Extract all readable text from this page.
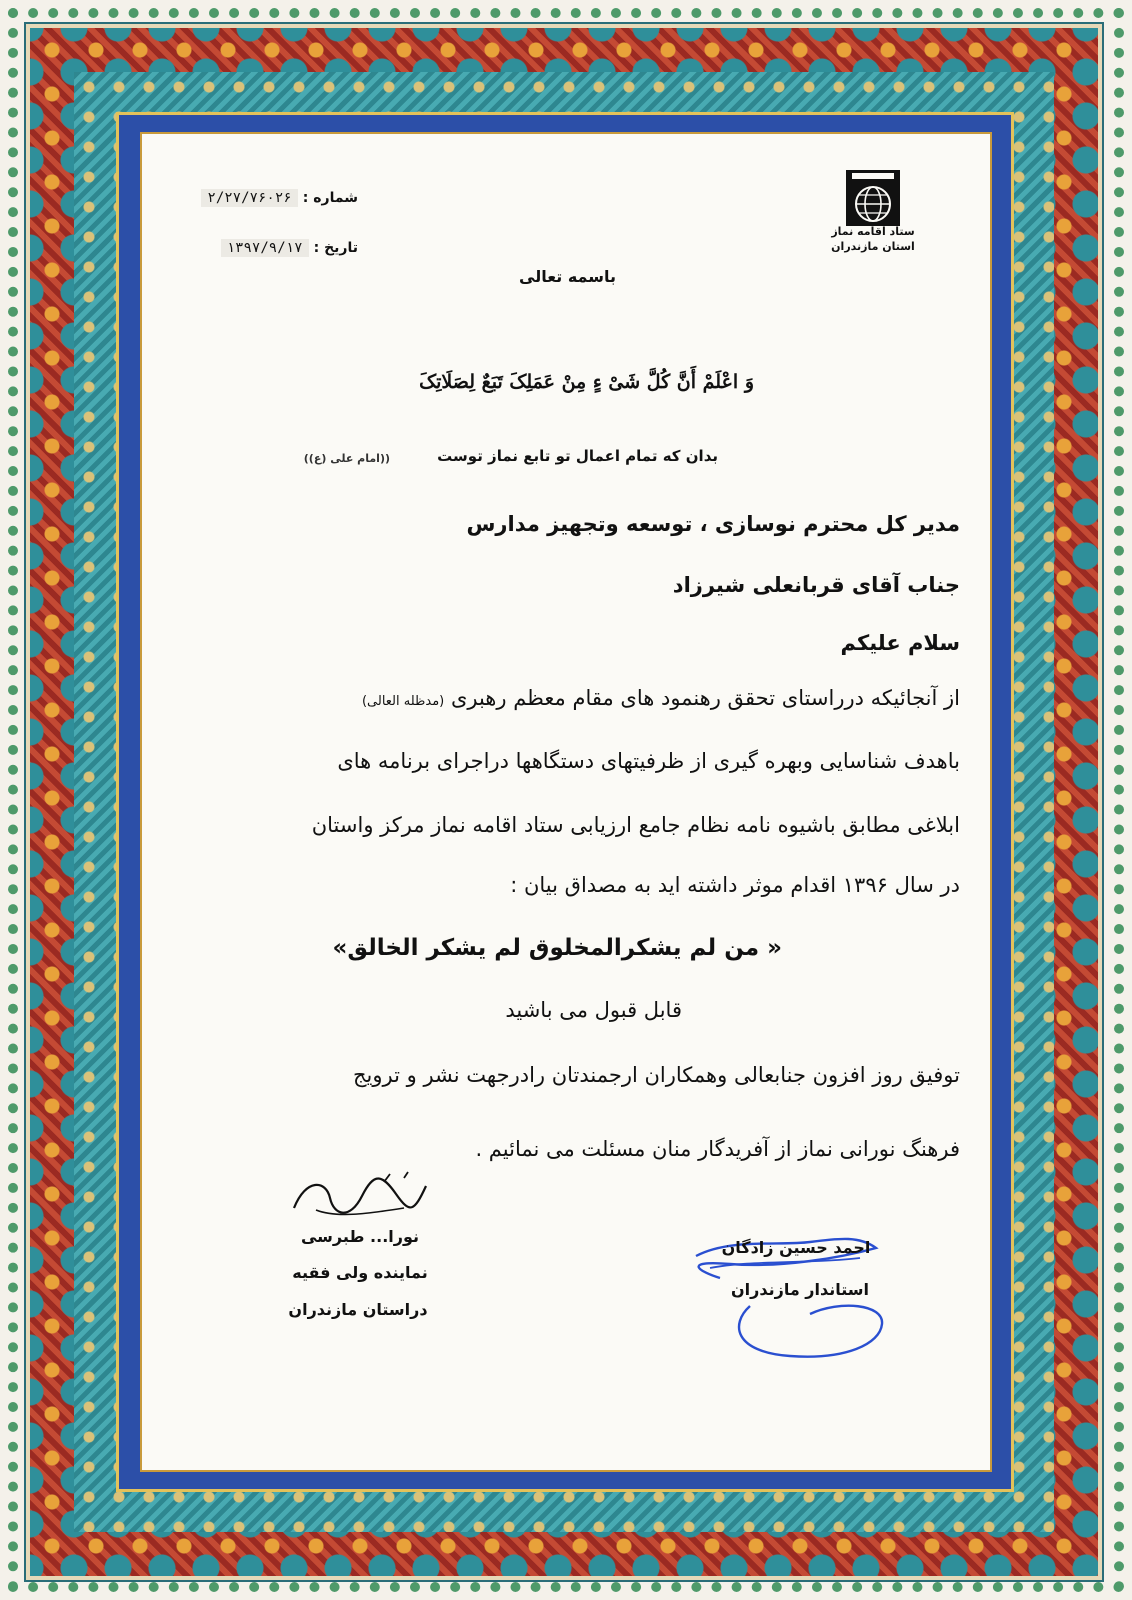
ستاد اقامه نماز
استان مازندران
شماره : ۲/۲۷/۷۶۰۲۶
تاریخ : ۱۳۹۷/۹/۱۷
باسمه تعالی
وَ اعْلَمْ أَنَّ كُلَّ شَیْ ءٍ مِنْ عَمَلِکَ تَبَعٌ لِصَلَاتِکَ
بدان که تمام اعمال تو تابع نماز توست
((امام علی (ع))
مدیر کل محترم نوسازی ، توسعه وتجهیز مدارس
جناب آقای قربانعلی شیرزاد
سلام علیکم
از آنجائیکه درراستای تحقق رهنمود های مقام معظم رهبری (مدظله العالی)
باهدف شناسایی وبهره گیری از ظرفیتهای دستگاهها دراجرای برنامه های
ابلاغی مطابق باشیوه نامه نظام جامع ارزیابی ستاد اقامه نماز مرکز واستان
در سال ۱۳۹۶ اقدام موثر داشته اید به مصداق بیان :
« من لم یشکرالمخلوق لم یشکر الخالق»
قابل قبول می باشید
توفیق روز افزون جنابعالی وهمکاران ارجمندتان رادرجهت نشر و ترویج
فرهنگ نورانی نماز از آفریدگار منان مسئلت می نمائیم .
نورا... طبرسی
نماینده ولی فقیه
دراستان مازندران
احمد حسین زادگان
استاندار مازندران
